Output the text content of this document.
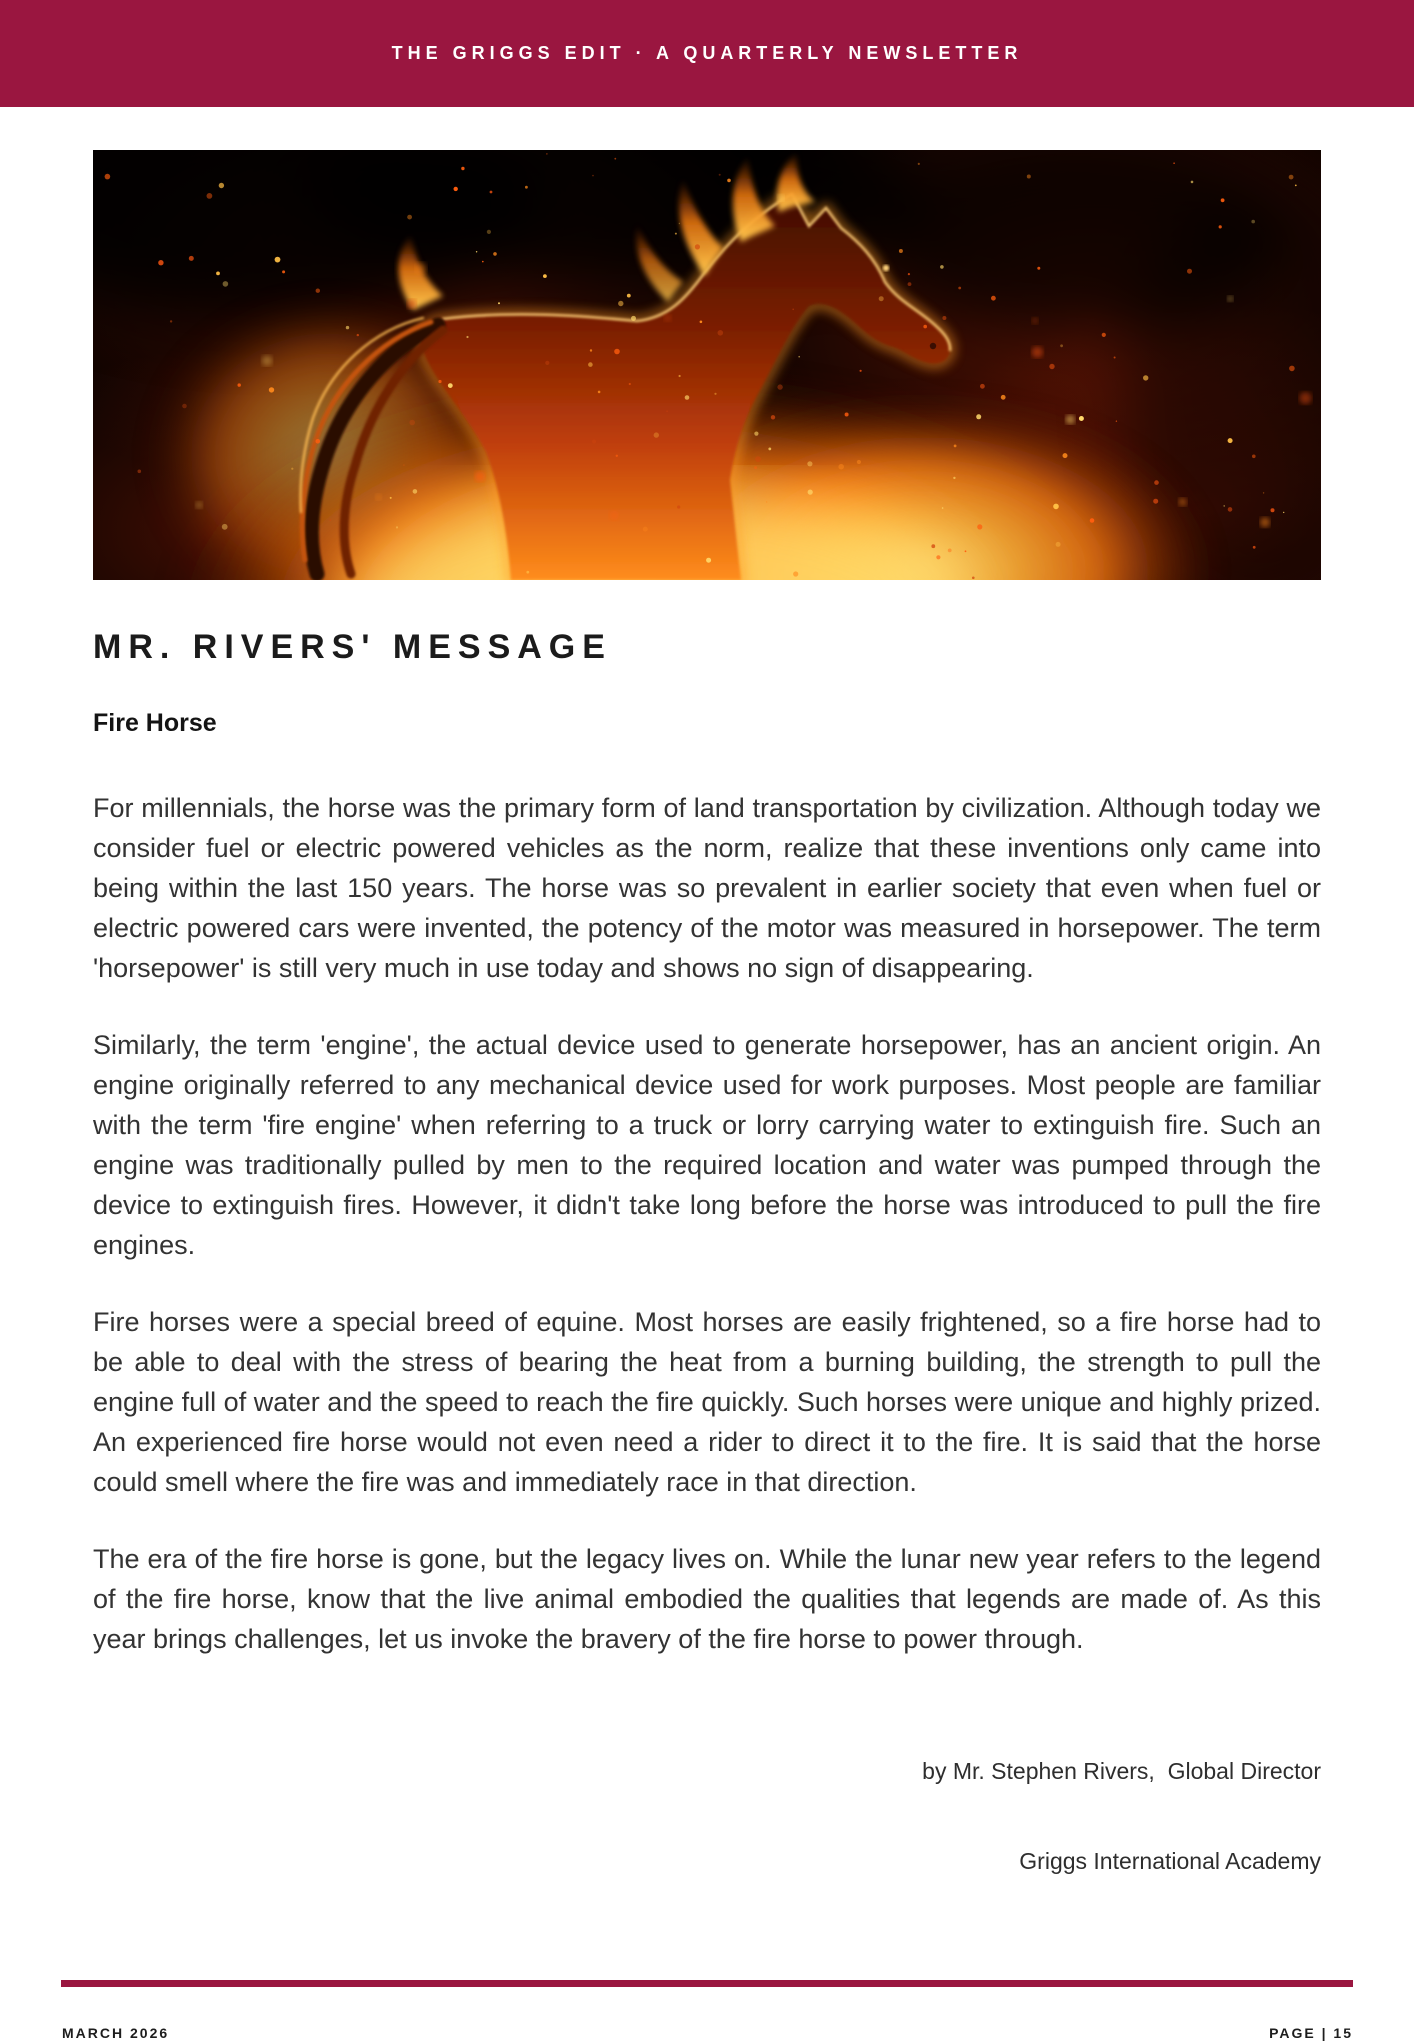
THE GRIGGS EDIT · A QUARTERLY NEWSLETTER
MR. RIVERS' MESSAGE
Fire Horse

For millennials, the horse was the primary form of land transportation by civilization. Although today we consider fuel or electric powered vehicles as the norm, realize that these inventions only came into being within the last 150 years. The horse was so prevalent in earlier society that even when fuel or electric powered cars were invented, the potency of the motor was measured in horsepower. The term 'horsepower' is still very much in use today and shows no sign of disappearing.

Similarly, the term 'engine', the actual device used to generate horsepower, has an ancient origin. An engine originally referred to any mechanical device used for work purposes. Most people are familiar with the term 'fire engine' when referring to a truck or lorry carrying water to extinguish fire. Such an engine was traditionally pulled by men to the required location and water was pumped through the device to extinguish fires. However, it didn't take long before the horse was introduced to pull the fire engines.

Fire horses were a special breed of equine. Most horses are easily frightened, so a fire horse had to be able to deal with the stress of bearing the heat from a burning building, the strength to pull the engine full of water and the speed to reach the fire quickly. Such horses were unique and highly prized. An experienced fire horse would not even need a rider to direct it to the fire. It is said that the horse could smell where the fire was and immediately race in that direction.

The era of the fire horse is gone, but the legacy lives on. While the lunar new year refers to the legend of the fire horse, know that the live animal embodied the qualities that legends are made of. As this year brings challenges, let us invoke the bravery of the fire horse to power through.

by Mr. Stephen Rivers,  Global Director

Griggs International Academy

MARCH 2026	PAGE | 15
